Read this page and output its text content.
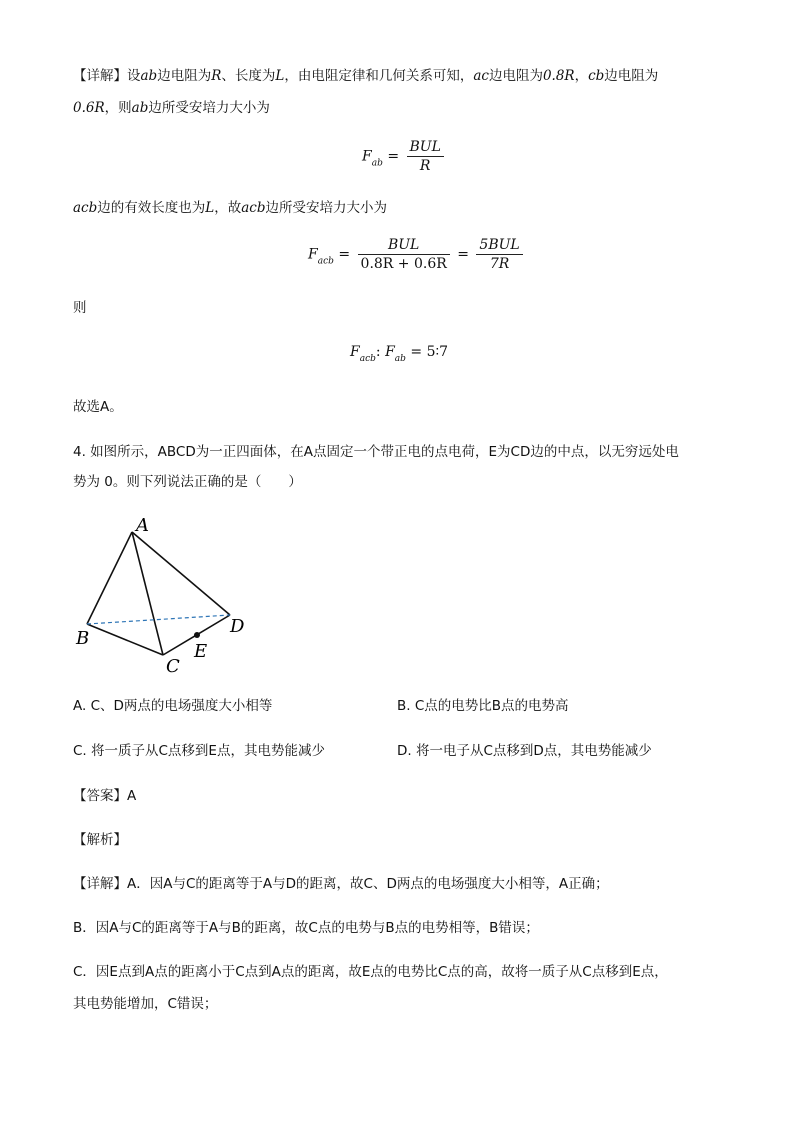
【详解】设ab边电阻为R、长度为L，由电阻定律和几何关系可知，ac边电阻为0.8R，cb边电阻为
0.6R，则ab边所受安培力大小为
$F_{ab} = \frac{\text{BUL}}{R}$
acb边的有效长度也为L，故acb边所受安培力大小为
$F_{acb} = \frac{\text{BUL}}{0.8R + 0.6R} = \frac{\text{5BUL}}{7R}$
则
$F_{acb}$: $F_{ab}$ = 5∶7
故选A。
4. 如图所示，ABCD为一正四面体，在A点固定一个带正电的点电荷，E为CD边的中点，以无穷远处电
势为 0。则下列说法正确的是（　　）
A
B
C
D
E
A. C、D两点的电场强度大小相等	B. C点的电势比B点的电势高
C. 将一质子从C点移到E点，其电势能减少	D. 将一电子从C点移到D点，其电势能减少
【答案】A
【解析】
【详解】A．因A与C的距离等于A与D的距离，故C、D两点的电场强度大小相等，A正确；
B．因A与C的距离等于A与B的距离，故C点的电势与B点的电势相等，B错误；
C．因E点到A点的距离小于C点到A点的距离，故E点的电势比C点的高，故将一质子从C点移到E点，
其电势能增加，C错误；
